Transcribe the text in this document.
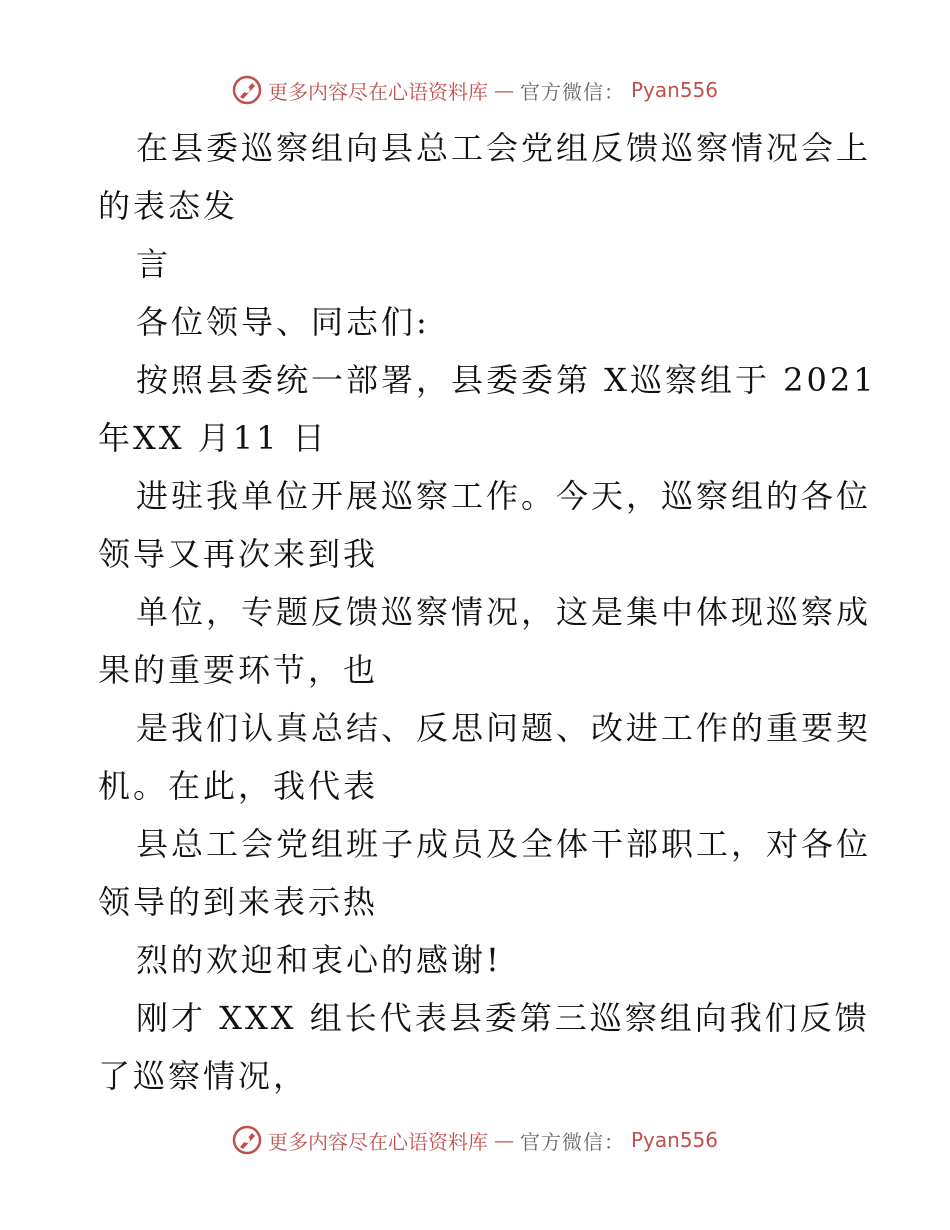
更多内容尽在心语资料库 — 官方微信： Pyan556
在县委巡察组向县总工会党组反馈巡察情况会上
的表态发
言
各位领导、同志们:
按照县委统一部署，县委委第 X巡察组于 2021
年XX 月11 日
进驻我单位开展巡察工作。今天，巡察组的各位
领导又再次来到我
单位，专题反馈巡察情况，这是集中体现巡察成
果的重要环节，也
是我们认真总结、反思问题、改进工作的重要契
机。在此，我代表
县总工会党组班子成员及全体干部职工，对各位
领导的到来表示热
烈的欢迎和衷心的感谢!
刚才 XXX 组长代表县委第三巡察组向我们反馈
了巡察情况，
更多内容尽在心语资料库 — 官方微信： Pyan556
